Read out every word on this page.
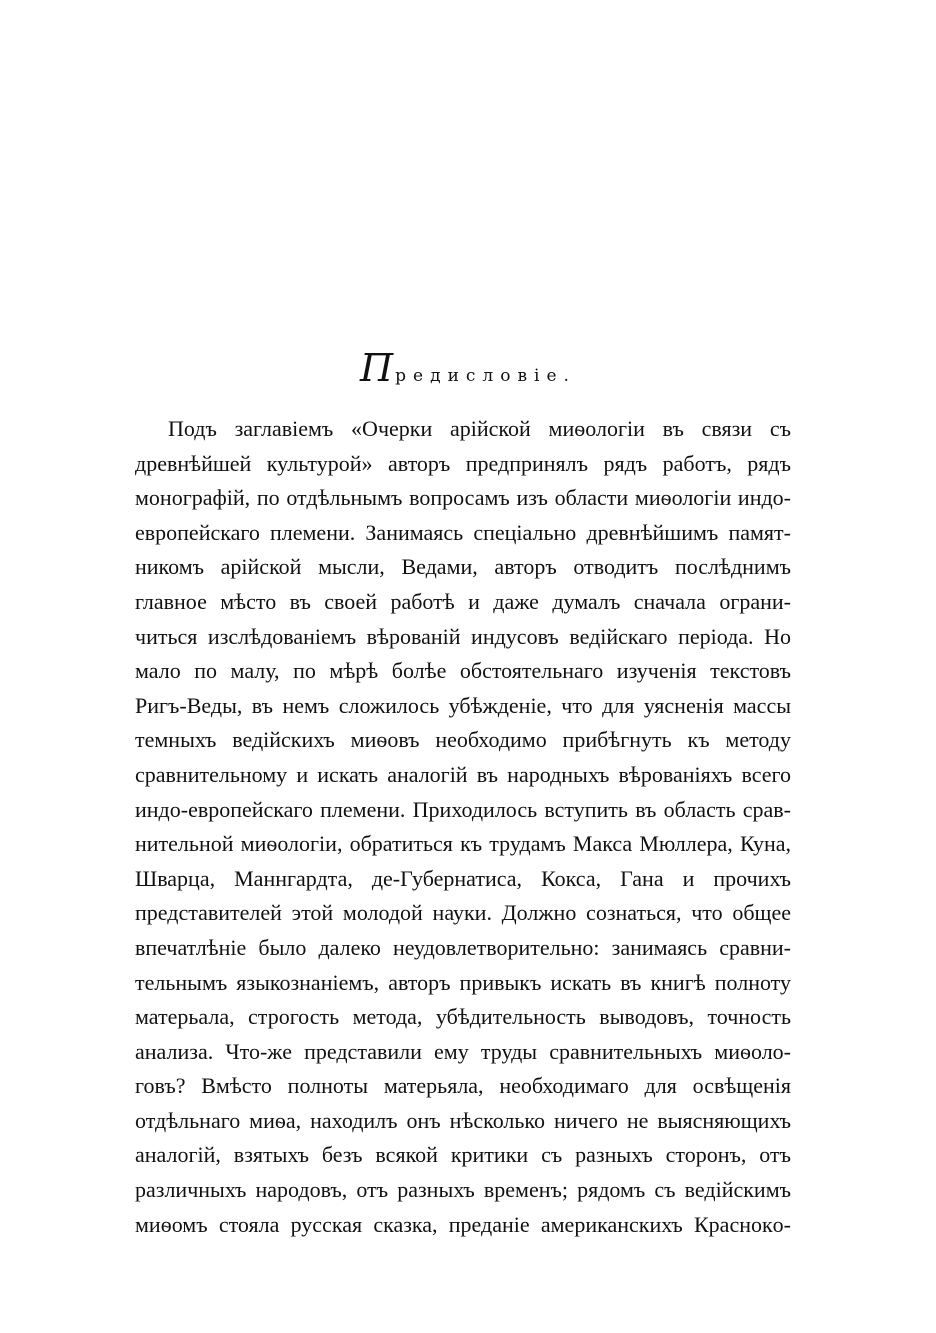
Предисловіе.
Подъ заглавіемъ «Очерки арійской миѳологіи въ связи съ
древнѣйшей культурой» авторъ предпринялъ рядъ работъ, рядъ
монографій, по отдѣльнымъ вопросамъ изъ области миѳологіи индо-
европейскаго племени. Занимаясь спеціально древнѣйшимъ памят-
никомъ арійской мысли, Ведами, авторъ отводитъ послѣднимъ
главное мѣсто въ своей работѣ и даже думалъ сначала ограни-
читься изслѣдованіемъ вѣрованій индусовъ ведійскаго періода. Но
мало по малу, по мѣрѣ болѣе обстоятельнаго изученія текстовъ
Ригъ-Веды, въ немъ сложилось убѣжденіе, что для уясненія массы
темныхъ ведійскихъ миѳовъ необходимо прибѣгнуть къ методу
сравнительному и искать аналогій въ народныхъ вѣрованіяхъ всего
индо-европейскаго племени. Приходилось вступить въ область срав-
нительной миѳологіи, обратиться къ трудамъ Макса Мюллера, Куна,
Шварца, Маннгардта, де-Губернатиса, Кокса, Гана и прочихъ
представителей этой молодой науки. Должно сознаться, что общее
впечатлѣніе было далеко неудовлетворительно: занимаясь сравни-
тельнымъ языкознаніемъ, авторъ привыкъ искать въ книгѣ полноту
матерьала, строгость метода, убѣдительность выводовъ, точность
анализа. Что-же представили ему труды сравнительныхъ миѳоло-
говъ? Вмѣсто полноты матерьяла, необходимаго для освѣщенія
отдѣльнаго миѳа, находилъ онъ нѣсколько ничего не выясняющихъ
аналогій, взятыхъ безъ всякой критики съ разныхъ сторонъ, отъ
различныхъ народовъ, отъ разныхъ временъ; рядомъ съ ведійскимъ
миѳомъ стояла русская сказка, преданіе американскихъ Краснокo-
